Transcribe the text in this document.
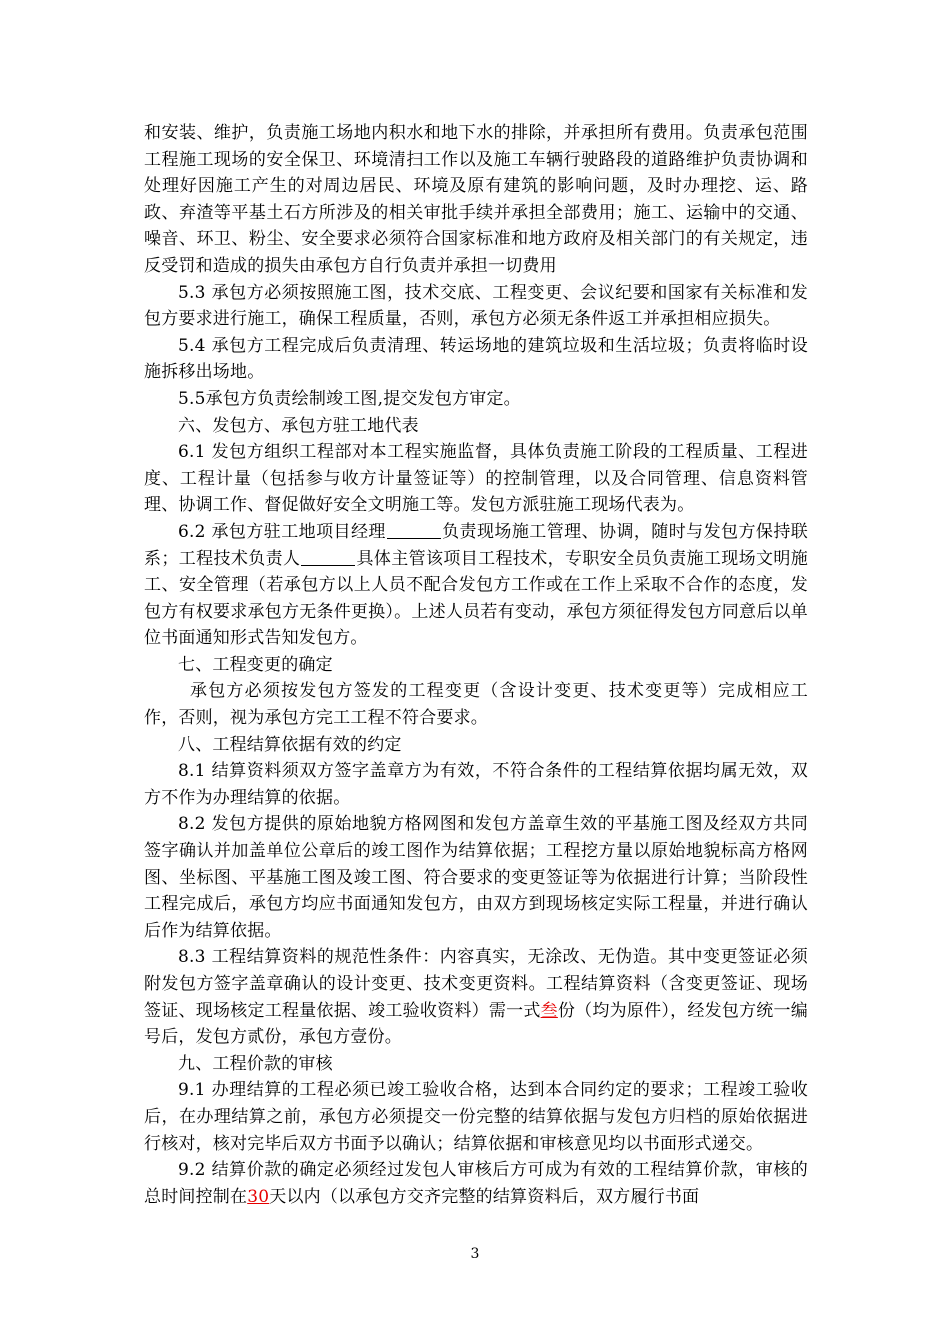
和安装、维护，负责施工场地内积水和地下水的排除，并承担所有费用。负责承包范围工程施工现场的安全保卫、环境清扫工作以及施工车辆行驶路段的道路维护负责协调和处理好因施工产生的对周边居民、环境及原有建筑的影响问题，及时办理挖、运、路政、弃渣等平基土石方所涉及的相关审批手续并承担全部费用；施工、运输中的交通、噪音、环卫、粉尘、安全要求必须符合国家标准和地方政府及相关部门的有关规定，违反受罚和造成的损失由承包方自行负责并承担一切费用

5.3 承包方必须按照施工图，技术交底、工程变更、会议纪要和国家有关标准和发包方要求进行施工，确保工程质量，否则，承包方必须无条件返工并承担相应损失。

5.4 承包方工程完成后负责清理、转运场地的建筑垃圾和生活垃圾；负责将临时设施拆移出场地。

5.5承包方负责绘制竣工图,提交发包方审定。

六、发包方、承包方驻工地代表

6.1 发包方组织工程部对本工程实施监督，具体负责施工阶段的工程质量、工程进度、工程计量（包括参与收方计量签证等）的控制管理，以及合同管理、信息资料管理、协调工作、督促做好安全文明施工等。发包方派驻施工现场代表为。

6.2 承包方驻工地项目经理	负责现场施工管理、协调，随时与发包方保持联系；工程技术负责人	具体主管该项目工程技术，专职安全员负责施工现场文明施工、安全管理（若承包方以上人员不配合发包方工作或在工作上采取不合作的态度，发包方有权要求承包方无条件更换）。上述人员若有变动，承包方须征得发包方同意后以单位书面通知形式告知发包方。

七、工程变更的确定

承包方必须按发包方签发的工程变更（含设计变更、技术变更等）完成相应工作，否则，视为承包方完工工程不符合要求。

八、工程结算依据有效的约定

8.1 结算资料须双方签字盖章方为有效，不符合条件的工程结算依据均属无效，双方不作为办理结算的依据。

8.2 发包方提供的原始地貌方格网图和发包方盖章生效的平基施工图及经双方共同签字确认并加盖单位公章后的竣工图作为结算依据；工程挖方量以原始地貌标高方格网图、坐标图、平基施工图及竣工图、符合要求的变更签证等为依据进行计算；当阶段性工程完成后，承包方均应书面通知发包方，由双方到现场核定实际工程量，并进行确认后作为结算依据。

8.3 工程结算资料的规范性条件：内容真实，无涂改、无伪造。其中变更签证必须附发包方签字盖章确认的设计变更、技术变更资料。工程结算资料（含变更签证、现场签证、现场核定工程量依据、竣工验收资料）需一式叁份（均为原件），经发包方统一编号后，发包方贰份，承包方壹份。

九、工程价款的审核

9.1 办理结算的工程必须已竣工验收合格，达到本合同约定的要求；工程竣工验收后，在办理结算之前，承包方必须提交一份完整的结算依据与发包方归档的原始依据进行核对，核对完毕后双方书面予以确认；结算依据和审核意见均以书面形式递交。

9.2 结算价款的确定必须经过发包人审核后方可成为有效的工程结算价款，审核的总时间控制在30天以内（以承包方交齐完整的结算资料后，双方履行书面

3
